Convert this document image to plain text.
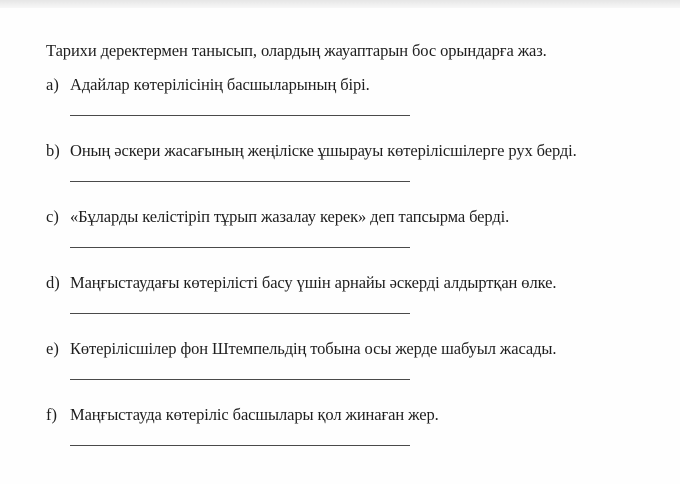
Тарихи деректермен танысып, олардың жауаптарын бос орындарға жаз.
a) Адайлар көтерілісінің басшыларының бірі.
b) Оның әскери жасағының жеңіліске ұшырауы көтерілісшілерге рух берді.
c) «Бұларды келістіріп тұрып жазалау керек» деп тапсырма берді.
d) Маңғыстаудағы көтерілісті басу үшін арнайы әскерді алдыртқан өлке.
e) Көтерілісшілер фон Штемпельдің тобына осы жерде шабуыл жасады.
f) Маңғыстауда көтеріліс басшылары қол жинаған жер.
